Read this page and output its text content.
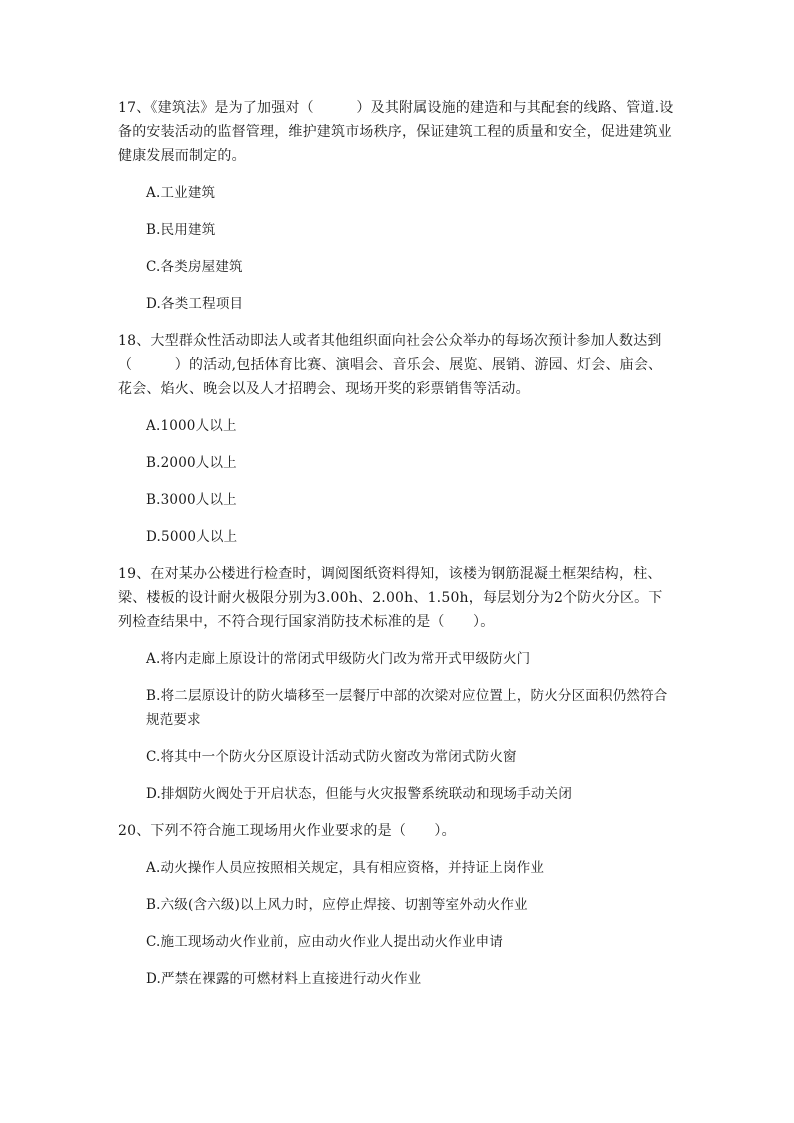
17、《建筑法》是为了加强对（　　　）及其附属设施的建造和与其配套的线路、管道.设备的安装活动的监督管理，维护建筑市场秩序，保证建筑工程的质量和安全，促进建筑业健康发展而制定的。

A.工业建筑

B.民用建筑

C.各类房屋建筑

D.各类工程项目

18、大型群众性活动即法人或者其他组织面向社会公众举办的每场次预计参加人数达到（　　　）的活动,包括体育比赛、演唱会、音乐会、展览、展销、游园、灯会、庙会、花会、焰火、晚会以及人才招聘会、现场开奖的彩票销售等活动。

A.1000人以上

B.2000人以上

B.3000人以上

D.5000人以上

19、在对某办公楼进行检查时，调阅图纸资料得知，该楼为钢筋混凝土框架结构，柱、梁、楼板的设计耐火极限分别为3.00h、2.00h、1.50h，每层划分为2个防火分区。下列检查结果中，不符合现行国家消防技术标准的是（　　）。

A.将内走廊上原设计的常闭式甲级防火门改为常开式甲级防火门

B.将二层原设计的防火墙移至一层餐厅中部的次梁对应位置上，防火分区面积仍然符合规范要求

C.将其中一个防火分区原设计活动式防火窗改为常闭式防火窗

D.排烟防火阀处于开启状态，但能与火灾报警系统联动和现场手动关闭

20、下列不符合施工现场用火作业要求的是（　　）。

A.动火操作人员应按照相关规定，具有相应资格，并持证上岗作业

B.六级(含六级)以上风力时，应停止焊接、切割等室外动火作业

C.施工现场动火作业前，应由动火作业人提出动火作业申请

D.严禁在裸露的可燃材料上直接进行动火作业
